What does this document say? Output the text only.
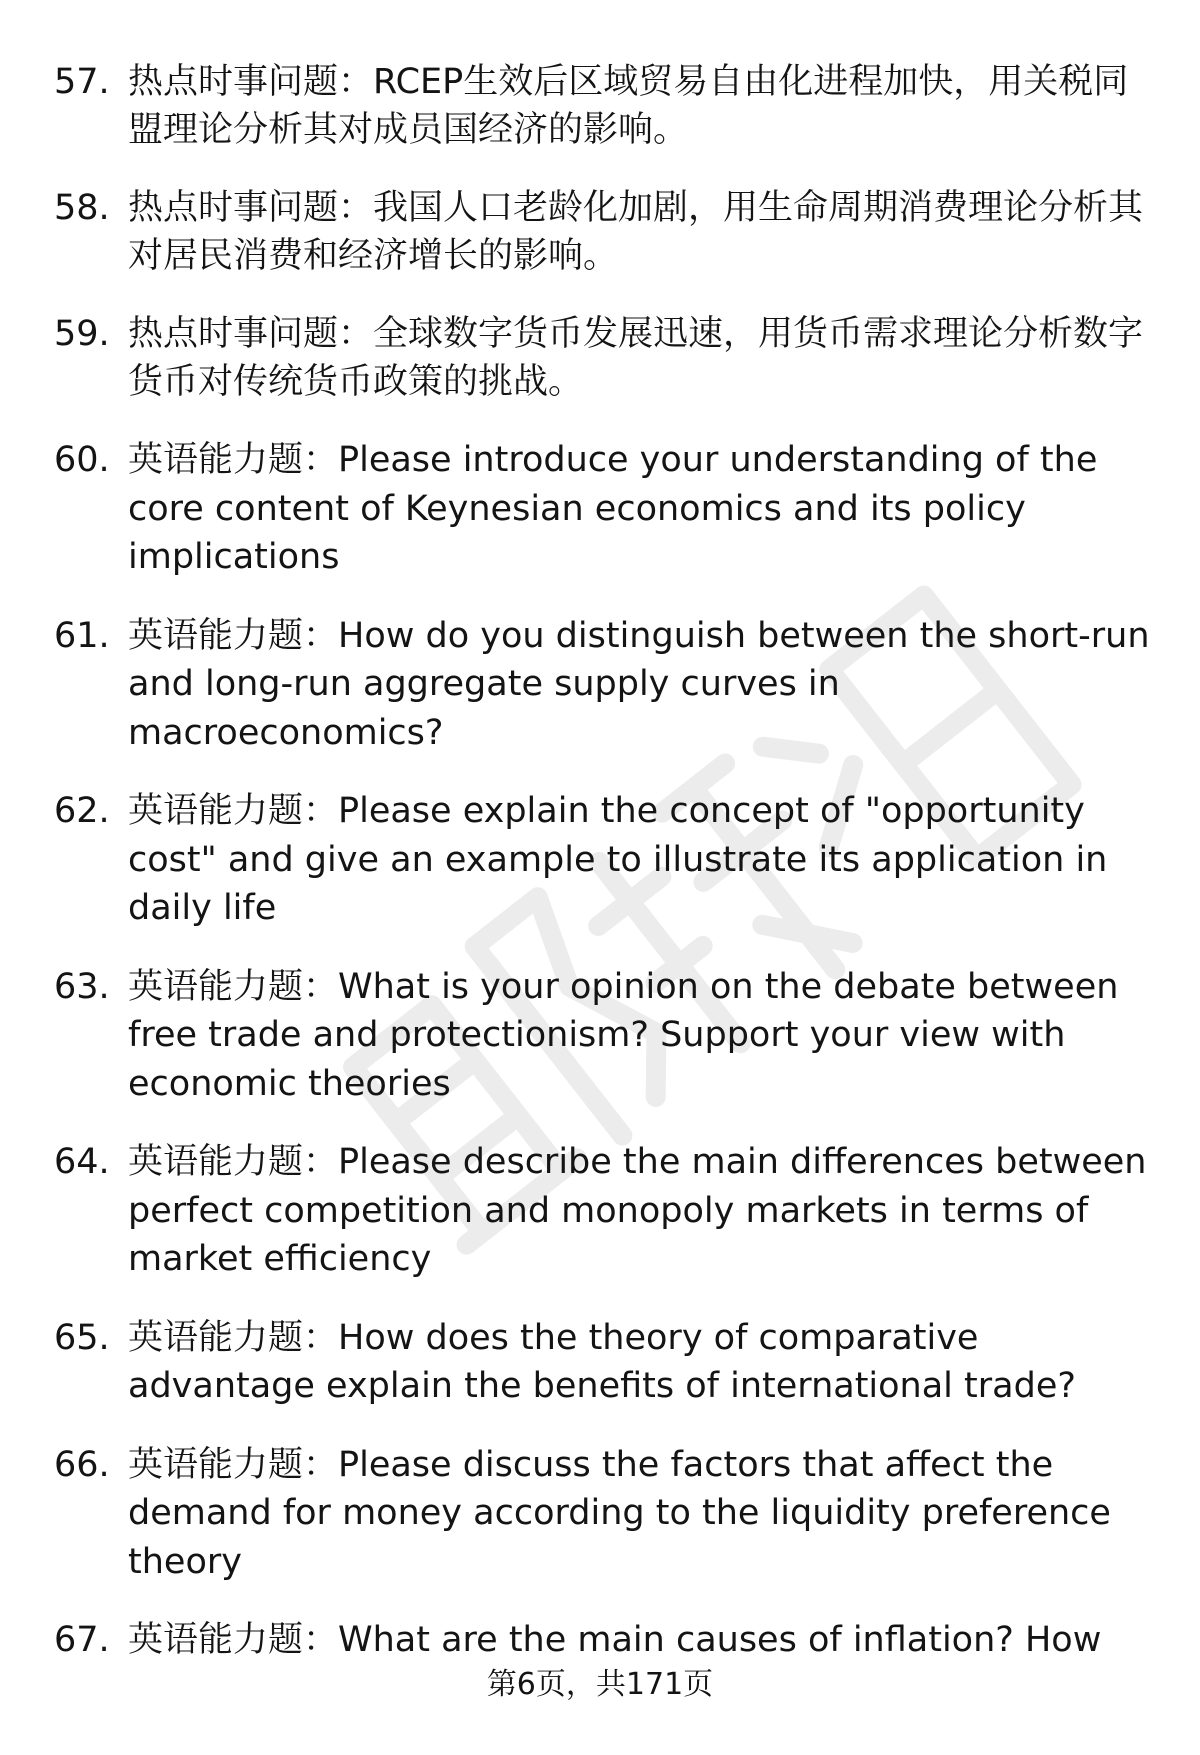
57. 热点时事问题：RCEP生效后区域贸易自由化进程加快，用关税同盟理论分析其对成员国经济的影响。
58. 热点时事问题：我国人口老龄化加剧，用生命周期消费理论分析其对居民消费和经济增长的影响。
59. 热点时事问题：全球数字货币发展迅速，用货币需求理论分析数字货币对传统货币政策的挑战。
60. 英语能力题：Please introduce your understanding of the core content of Keynesian economics and its policy implications
61. 英语能力题：How do you distinguish between the short-run and long-run aggregate supply curves in macroeconomics?
62. 英语能力题：Please explain the concept of "opportunity cost" and give an example to illustrate its application in daily life
63. 英语能力题：What is your opinion on the debate between free trade and protectionism? Support your view with economic theories
64. 英语能力题：Please describe the main differences between perfect competition and monopoly markets in terms of market efficiency
65. 英语能力题：How does the theory of comparative advantage explain the benefits of international trade?
66. 英语能力题：Please discuss the factors that affect the demand for money according to the liquidity preference theory
67. 英语能力题：What are the main causes of inflation? How
第6页，共171页
